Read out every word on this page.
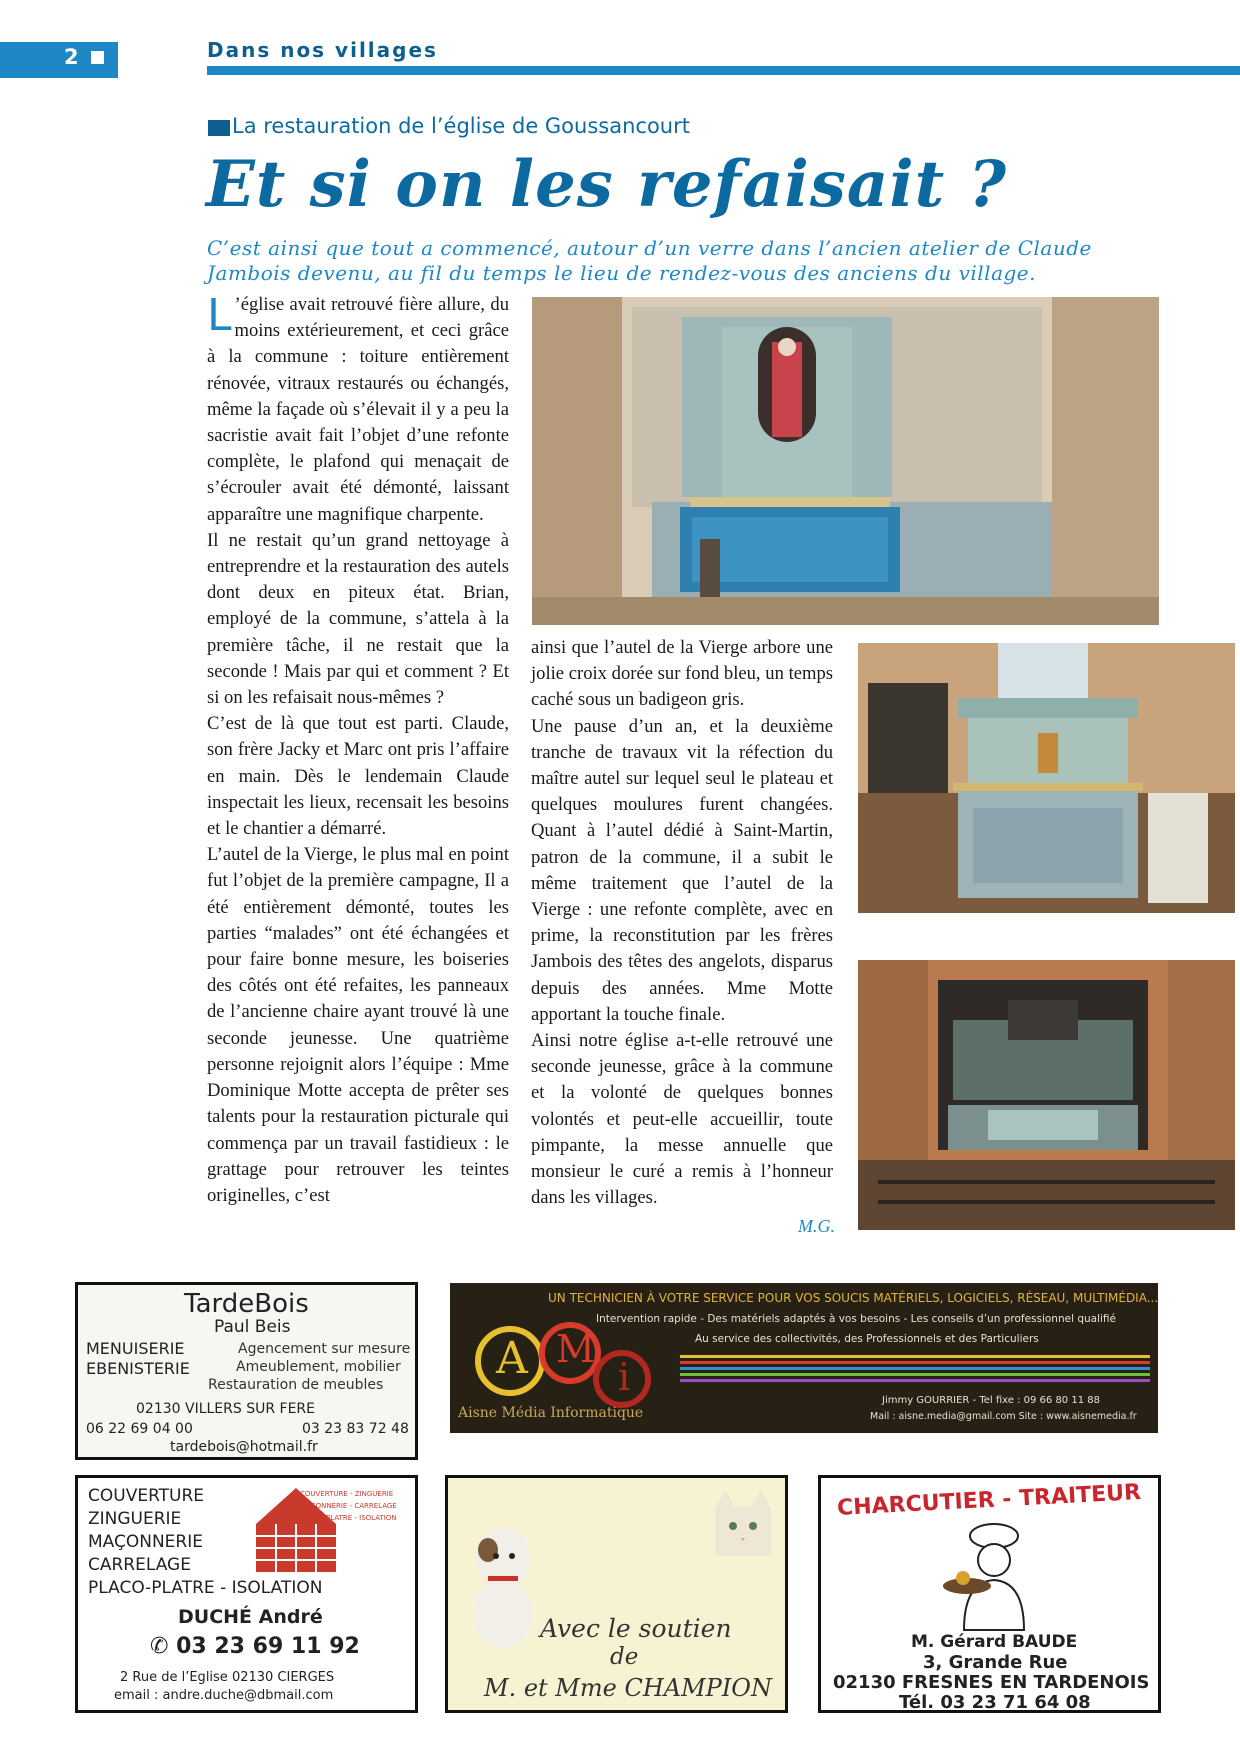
2	Dans nos villages
La restauration de l’église de Goussancourt
Et si on les refaisait ?
C’est ainsi que tout a commencé, autour d’un verre dans l’ancien atelier de Claude Jambois devenu, au fil du temps le lieu de rendez-vous des anciens du village.

L ’église avait retrouvé fière allure, du moins extérieurement, et ceci grâce à la commune : toiture entièrement rénovée, vitraux restaurés ou échangés, même la façade où s’élevait il y a peu la sacristie avait fait l’objet d’une refonte complète, le plafond qui menaçait de s’écrouler avait été démonté, laissant apparaître une magnifique charpente.

Il ne restait qu’un grand nettoyage à entreprendre et la restauration des autels dont deux en piteux état. Brian, employé de la commune, s’attela à la première tâche, il ne restait que la seconde ! Mais par qui et comment ? Et si on les refaisait nous-mêmes ?

C’est de là que tout est parti. Claude, son frère Jacky et Marc ont pris l’affaire en main. Dès le lendemain Claude inspectait les lieux, recensait les besoins et le chantier a démarré.

L’autel de la Vierge, le plus mal en point fut l’objet de la première campagne, Il a été entièrement démonté, toutes les parties “malades” ont été échangées et pour faire bonne mesure, les boiseries des côtés ont été refaites, les panneaux de l’ancienne chaire ayant trouvé là une seconde jeunesse. Une quatrième personne rejoignit alors l’équipe : Mme Dominique Motte accepta de prêter ses talents pour la restauration picturale qui commença par un travail fastidieux : le grattage pour retrouver les teintes originelles, c’est

ainsi que l’autel de la Vierge arbore une jolie croix dorée sur fond bleu, un temps caché sous un badigeon gris.

Une pause d’un an, et la deuxième tranche de travaux vit la réfection du maître autel sur lequel seul le plateau et quelques moulures furent changées. Quant à l’autel dédié à Saint-Martin, patron de la commune, il a subit le même traitement que l’autel de la Vierge : une refonte complète, avec en prime, la reconstitution par les frères Jambois des têtes des angelots, disparus depuis des années. Mme Motte apportant la touche finale.

Ainsi notre église a-t-elle retrouvé une seconde jeunesse, grâce à la commune et la volonté de quelques bonnes volontés et peut-elle accueillir, toute pimpante, la messe annuelle que monsieur le curé a remis à l’honneur dans les villages.

M.G.
TardeBois
Paul Beis
MENUISERIE
EBENISTERIE
Agencement sur mesure
Ameublement, mobilier
Restauration de meubles
02130 VILLERS SUR FERE
06 22 69 04 00	03 23 83 72 48
tardebois@hotmail.fr
UN TECHNICIEN À VOTRE SERVICE POUR VOS SOUCIS MATÉRIELS, LOGICIELS, RÉSEAU, MULTIMÉDIA...
Intervention rapide - Des matériels adaptés à vos besoins - Les conseils d’un professionnel qualifié
Au service des collectivités, des Professionnels et des Particuliers
A M
i
Aisne Média Informatique
Jimmy GOURRIER - Tel fixe : 09 66 80 11 88
Mail : aisne.media@gmail.com Site : www.aisnemedia.fr
COUVERTURE
ZINGUERIE
MAÇONNERIE
CARRELAGE
PLACO-PLATRE - ISOLATION
COUVERTURE - ZINGUERIE
MAÇONNERIE - CARRELAGE
PLACO-PLATRE - ISOLATION
DUCHÉ André
✆ 03 23 69 11 92
2 Rue de l’Eglise 02130 CIERGES
email : andre.duche@dbmail.com
Avec le soutien
de
M. et Mme CHAMPION
CHARCUTIER - TRAITEUR
M. Gérard BAUDE
3, Grande Rue
02130 FRESNES EN TARDENOIS
Tél. 03 23 71 64 08
